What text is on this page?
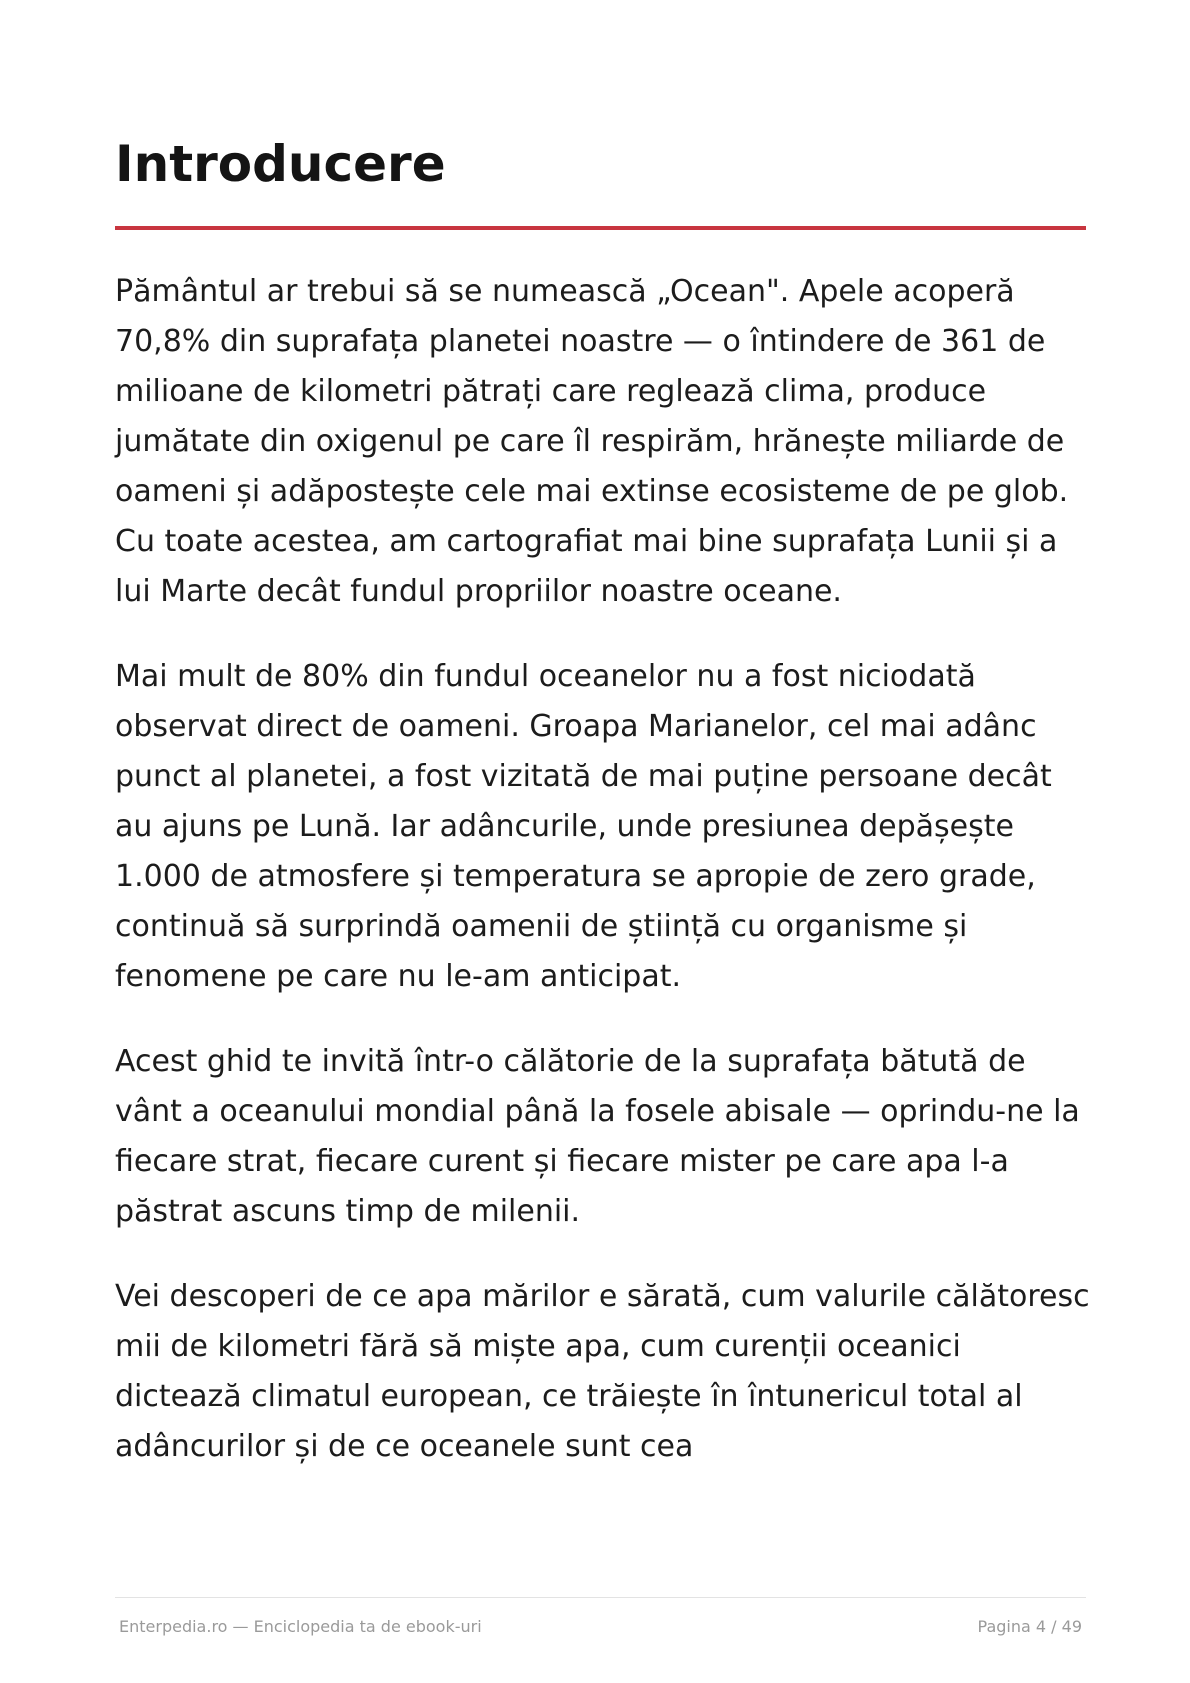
Introducere

Pământul ar trebui să se numească „Ocean". Apele acoperă 70,8% din suprafața planetei noastre — o întindere de 361 de milioane de kilometri pătrați care reglează clima, produce jumătate din oxigenul pe care îl respirăm, hrănește miliarde de oameni și adăpostește cele mai extinse ecosisteme de pe glob. Cu toate acestea, am cartografiat mai bine suprafața Lunii și a lui Marte decât fundul propriilor noastre oceane.

Mai mult de 80% din fundul oceanelor nu a fost niciodată observat direct de oameni. Groapa Marianelor, cel mai adânc punct al planetei, a fost vizitată de mai puține persoane decât au ajuns pe Lună. Iar adâncurile, unde presiunea depășește 1.000 de atmosfere și temperatura se apropie de zero grade, continuă să surprindă oamenii de știință cu organisme și fenomene pe care nu le-am anticipat.

Acest ghid te invită într-o călătorie de la suprafața bătută de vânt a oceanului mondial până la fosele abisale — oprindu-ne la fiecare strat, fiecare curent și fiecare mister pe care apa l-a păstrat ascuns timp de milenii.

Vei descoperi de ce apa mărilor e sărată, cum valurile călătoresc mii de kilometri fără să miște apa, cum curenții oceanici dictează climatul european, ce trăiește în întunericul total al adâncurilor și de ce oceanele sunt cea

Enterpedia.ro — Enciclopedia ta de ebook-uri	Pagina 4 / 49
